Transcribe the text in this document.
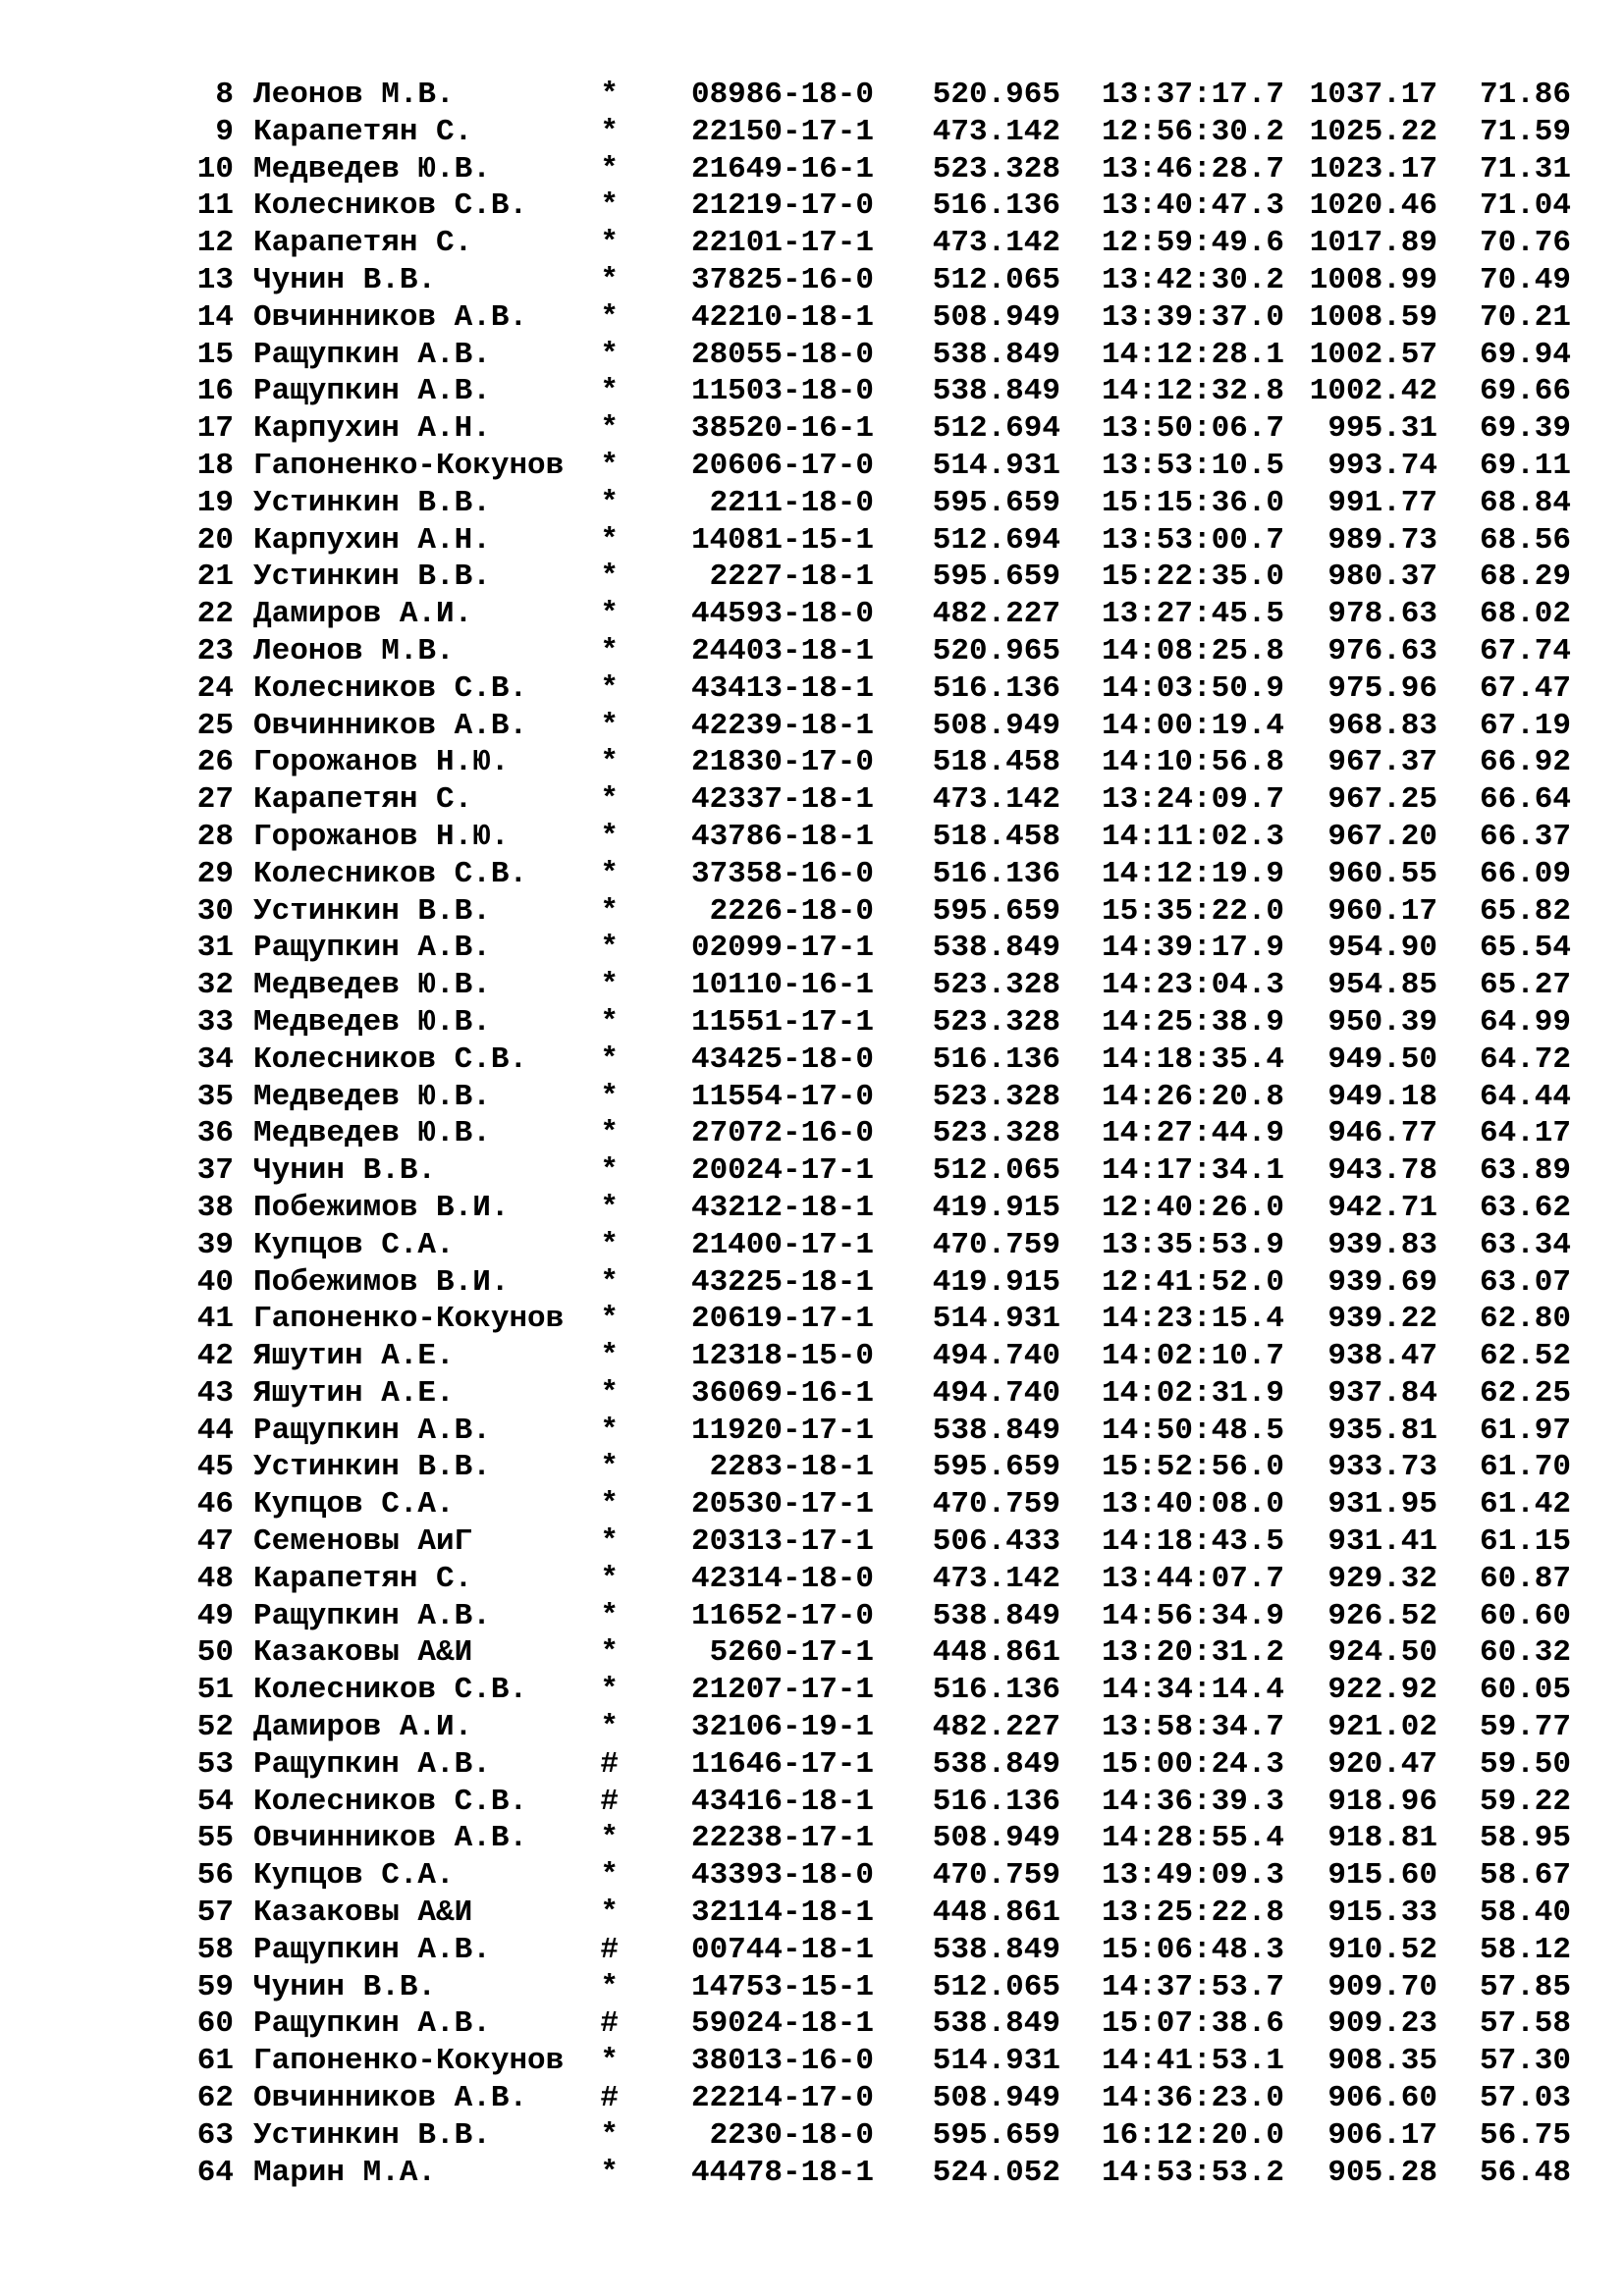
8 Леонов М.В.	*	08986-18-0	520.965	13:37:17.7 1037.17	71.86
9 Карапетян С.	*	22150-17-1	473.142	12:56:30.2 1025.22	71.59
10 Медведев Ю.В.	*	21649-16-1	523.328	13:46:28.7 1023.17	71.31
11 Колесников С.В.	*	21219-17-0	516.136	13:40:47.3 1020.46	71.04
12 Карапетян С.	*	22101-17-1	473.142	12:59:49.6 1017.89	70.76
13 Чунин В.В.	*	37825-16-0	512.065	13:42:30.2 1008.99	70.49
14 Овчинников А.В.	*	42210-18-1	508.949	13:39:37.0 1008.59	70.21
15 Ращупкин А.В.	*	28055-18-0	538.849	14:12:28.1 1002.57	69.94
16 Ращупкин А.В.	*	11503-18-0	538.849	14:12:32.8 1002.42	69.66
17 Карпухин А.Н.	*	38520-16-1	512.694	13:50:06.7	995.31	69.39
18 Гапоненко-Кокунов	*	20606-17-0	514.931	13:53:10.5	993.74	69.11
19 Устинкин В.В.	*	2211-18-0	595.659	15:15:36.0	991.77	68.84
20 Карпухин А.Н.	*	14081-15-1	512.694	13:53:00.7	989.73	68.56
21 Устинкин В.В.	*	2227-18-1	595.659	15:22:35.0	980.37	68.29
22 Дамиров А.И.	*	44593-18-0	482.227	13:27:45.5	978.63	68.02
23 Леонов М.В.	*	24403-18-1	520.965	14:08:25.8	976.63	67.74
24 Колесников С.В.	*	43413-18-1	516.136	14:03:50.9	975.96	67.47
25 Овчинников А.В.	*	42239-18-1	508.949	14:00:19.4	968.83	67.19
26 Горожанов Н.Ю.	*	21830-17-0	518.458	14:10:56.8	967.37	66.92
27 Карапетян С.	*	42337-18-1	473.142	13:24:09.7	967.25	66.64
28 Горожанов Н.Ю.	*	43786-18-1	518.458	14:11:02.3	967.20	66.37
29 Колесников С.В.	*	37358-16-0	516.136	14:12:19.9	960.55	66.09
30 Устинкин В.В.	*	2226-18-0	595.659	15:35:22.0	960.17	65.82
31 Ращупкин А.В.	*	02099-17-1	538.849	14:39:17.9	954.90	65.54
32 Медведев Ю.В.	*	10110-16-1	523.328	14:23:04.3	954.85	65.27
33 Медведев Ю.В.	*	11551-17-1	523.328	14:25:38.9	950.39	64.99
34 Колесников С.В.	*	43425-18-0	516.136	14:18:35.4	949.50	64.72
35 Медведев Ю.В.	*	11554-17-0	523.328	14:26:20.8	949.18	64.44
36 Медведев Ю.В.	*	27072-16-0	523.328	14:27:44.9	946.77	64.17
37 Чунин В.В.	*	20024-17-1	512.065	14:17:34.1	943.78	63.89
38 Побежимов В.И.	*	43212-18-1	419.915	12:40:26.0	942.71	63.62
39 Купцов С.А.	*	21400-17-1	470.759	13:35:53.9	939.83	63.34
40 Побежимов В.И.	*	43225-18-1	419.915	12:41:52.0	939.69	63.07
41 Гапоненко-Кокунов	*	20619-17-1	514.931	14:23:15.4	939.22	62.80
42 Яшутин А.Е.	*	12318-15-0	494.740	14:02:10.7	938.47	62.52
43 Яшутин А.Е.	*	36069-16-1	494.740	14:02:31.9	937.84	62.25
44 Ращупкин А.В.	*	11920-17-1	538.849	14:50:48.5	935.81	61.97
45 Устинкин В.В.	*	2283-18-1	595.659	15:52:56.0	933.73	61.70
46 Купцов С.А.	*	20530-17-1	470.759	13:40:08.0	931.95	61.42
47 Семеновы АиГ	*	20313-17-1	506.433	14:18:43.5	931.41	61.15
48 Карапетян С.	*	42314-18-0	473.142	13:44:07.7	929.32	60.87
49 Ращупкин А.В.	*	11652-17-0	538.849	14:56:34.9	926.52	60.60
50 Казаковы А&И	*	5260-17-1	448.861	13:20:31.2	924.50	60.32
51 Колесников С.В.	*	21207-17-1	516.136	14:34:14.4	922.92	60.05
52 Дамиров А.И.	*	32106-19-1	482.227	13:58:34.7	921.02	59.77
53 Ращупкин А.В.	#	11646-17-1	538.849	15:00:24.3	920.47	59.50
54 Колесников С.В.	#	43416-18-1	516.136	14:36:39.3	918.96	59.22
55 Овчинников А.В.	*	22238-17-1	508.949	14:28:55.4	918.81	58.95
56 Купцов С.А.	*	43393-18-0	470.759	13:49:09.3	915.60	58.67
57 Казаковы А&И	*	32114-18-1	448.861	13:25:22.8	915.33	58.40
58 Ращупкин А.В.	#	00744-18-1	538.849	15:06:48.3	910.52	58.12
59 Чунин В.В.	*	14753-15-1	512.065	14:37:53.7	909.70	57.85
60 Ращупкин А.В.	#	59024-18-1	538.849	15:07:38.6	909.23	57.58
61 Гапоненко-Кокунов	*	38013-16-0	514.931	14:41:53.1	908.35	57.30
62 Овчинников А.В.	#	22214-17-0	508.949	14:36:23.0	906.60	57.03
63 Устинкин В.В.	*	2230-18-0	595.659	16:12:20.0	906.17	56.75
64 Марин М.А.	*	44478-18-1	524.052	14:53:53.2	905.28	56.48
